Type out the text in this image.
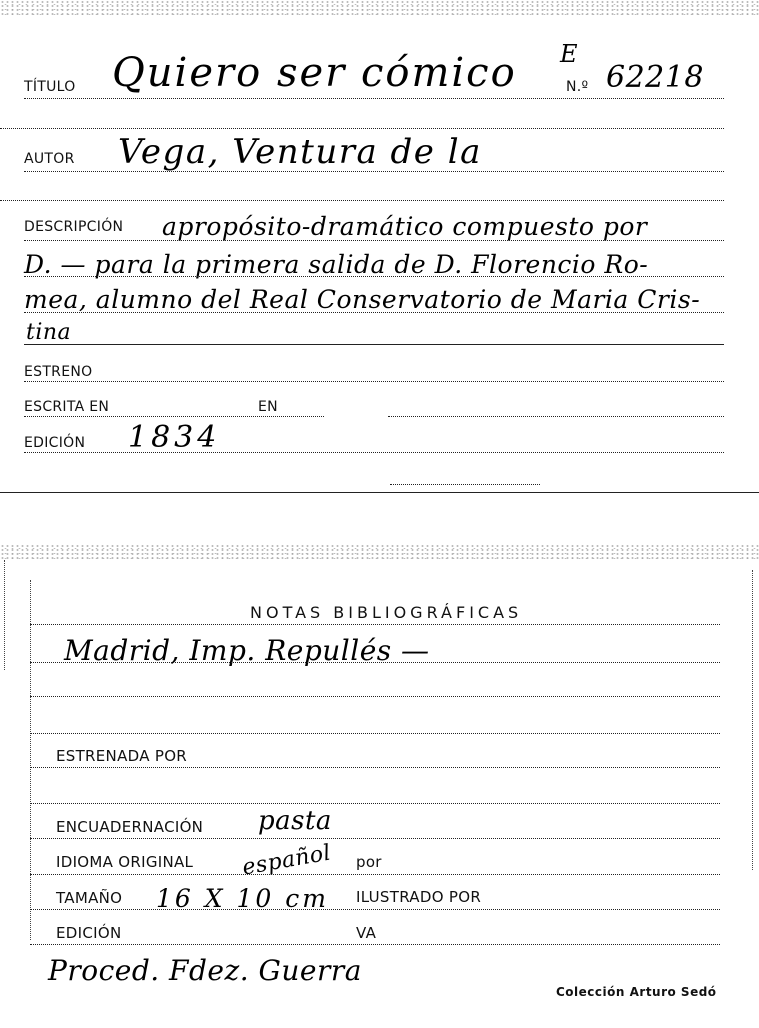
TÍTULO Quiero ser cómico E
N.º 62218
AUTOR Vega, Ventura de la
DESCRIPCIÓN apropósito-dramático compuesto por
D. — para la primera salida de D. Florencio Ro-
mea, alumno del Real Conservatorio de Maria Cris-
tina
ESTRENO
ESCRITA EN	EN
EDICIÓN 1834
NOTAS BIBLIOGRÁFICAS
Madrid, Imp. Repullés —
ESTRENADA POR
ENCUADERNACIÓN pasta
IDIOMA ORIGINAL español por
TAMAÑO 16 X 10 cm ILUSTRADO POR
EDICIÓN	VA
Proced. Fdez. Guerra
Colección Arturo Sedó
